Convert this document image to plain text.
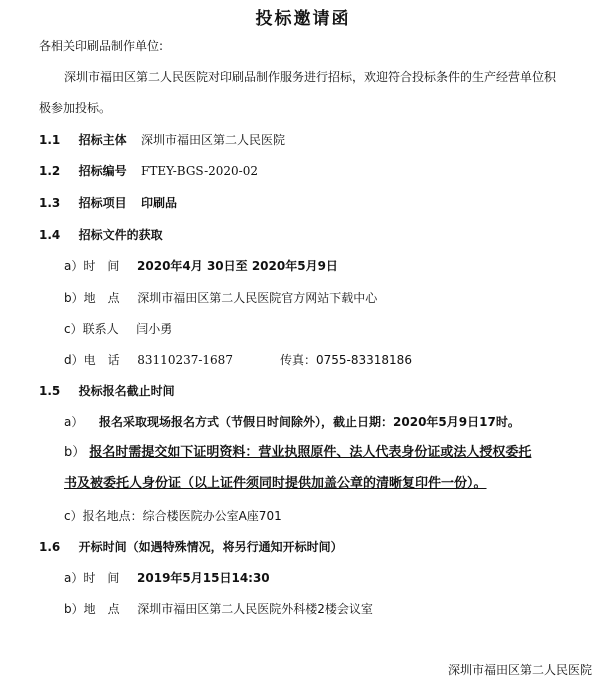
投标邀请函
各相关印刷品制作单位:
深圳市福田区第二人民医院对印刷品制作服务进行招标，欢迎符合投标条件的生产经营单位积
极参加投标。
1.1 招标主体 深圳市福田区第二人民医院
1.2 招标编号 FTEY-BGS-2020-02
1.3 招标项目 印刷品
1.4 招标文件的获取
a）时　间 2020年4月 30日至 2020年5月9日
b）地　点 深圳市福田区第二人民医院官方网站下载中心
c）联系人 闫小勇
d）电　话 83110237-1687	传真：0755-83318186
1.5 投标报名截止时间
a） 报名采取现场报名方式（节假日时间除外），截止日期：2020年5月9日17时。
b） 报名时需提交如下证明资料：营业执照原件、法人代表身份证或法人授权委托
书及被委托人身份证（以上证件须同时提供加盖公章的清晰复印件一份）。
c）报名地点：综合楼医院办公室A座701
1.6 开标时间（如遇特殊情况，将另行通知开标时间）
a）时　间 2019年5月15日14:30
b）地　点 深圳市福田区第二人民医院外科楼2楼会议室
深圳市福田区第二人民医院
